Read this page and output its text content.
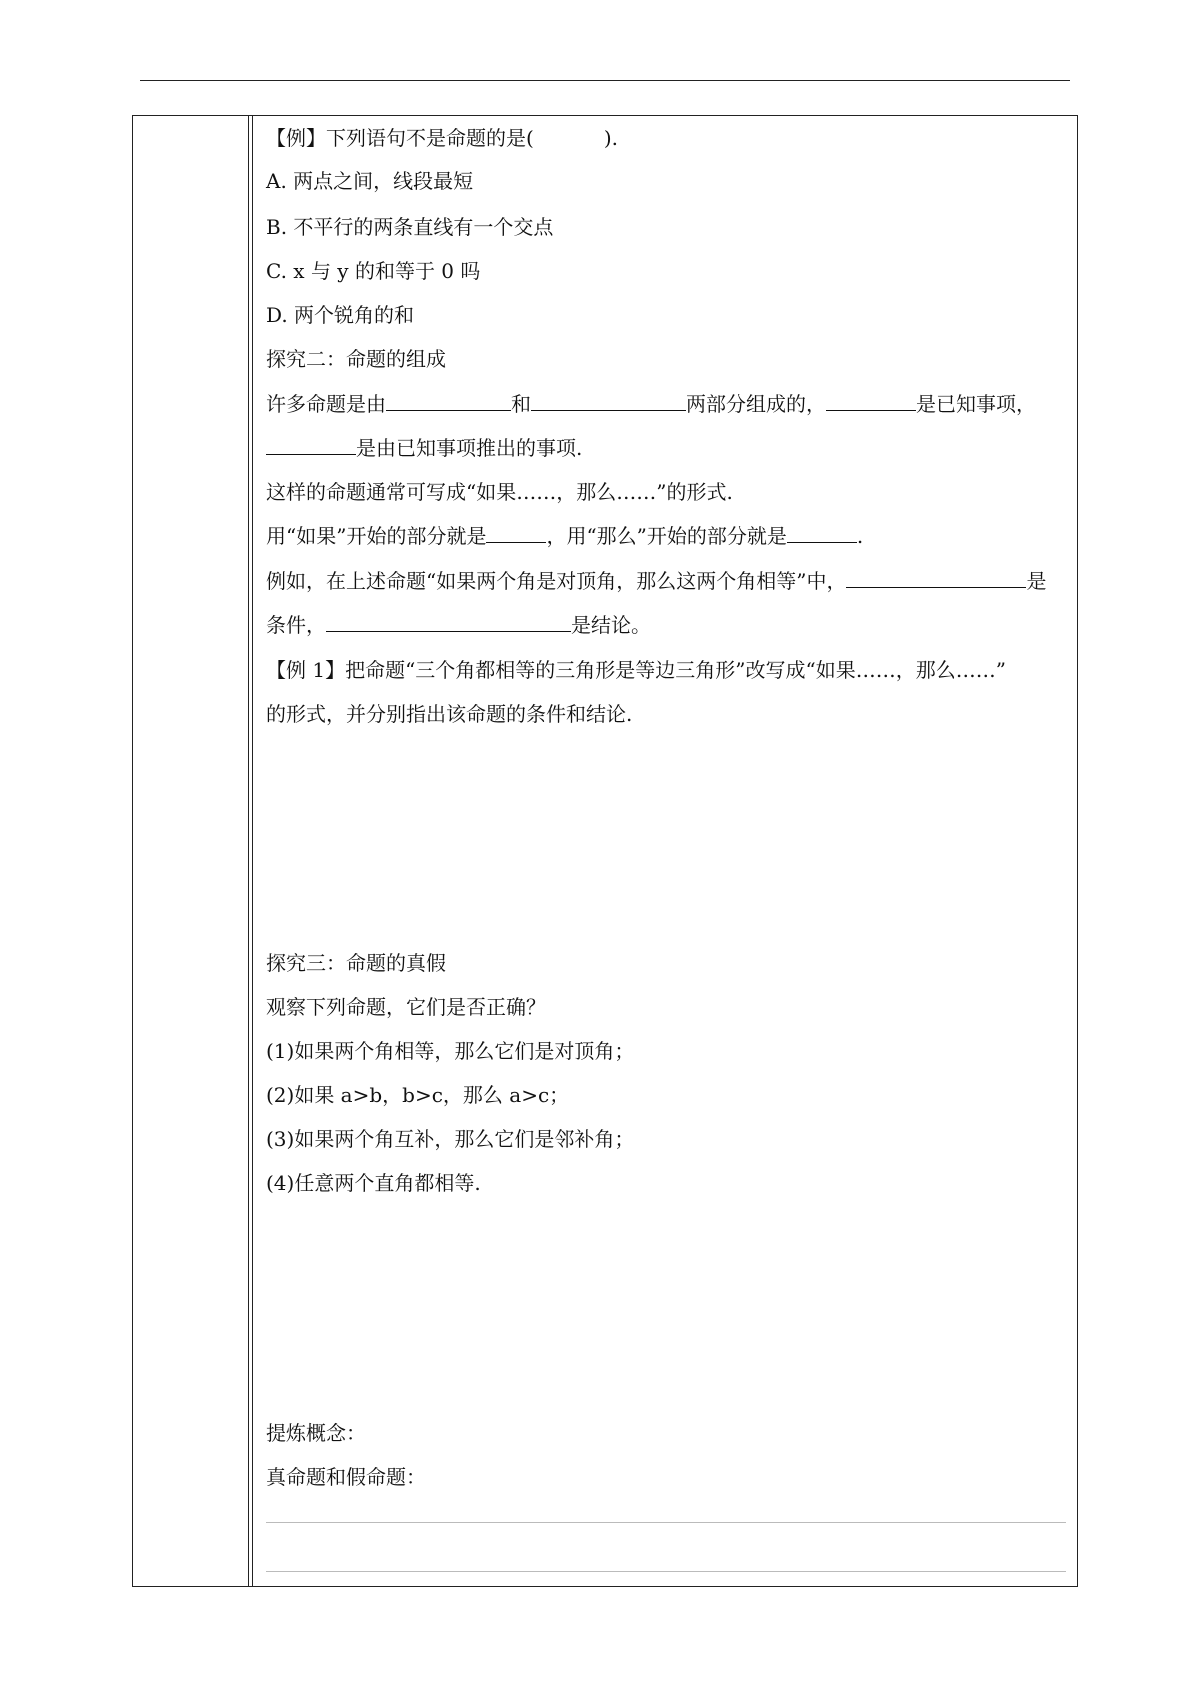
【例】下列语句不是命题的是(	).
A. 两点之间，线段最短
B. 不平行的两条直线有一个交点
C. x 与 y 的和等于 0 吗
D. 两个锐角的和
探究二：命题的组成
许多命题是由	和	两部分组成的，	是已知事项，
是由已知事项推出的事项.
这样的命题通常可写成“如果……，那么……”的形式.
用“如果”开始的部分就是	，用“那么”开始的部分就是	.
例如，在上述命题“如果两个角是对顶角，那么这两个角相等”中，	是
条件，	是结论。
【例 1】把命题“三个角都相等的三角形是等边三角形”改写成“如果……，那么……”
的形式，并分别指出该命题的条件和结论.
探究三：命题的真假
观察下列命题，它们是否正确？
(1)如果两个角相等，那么它们是对顶角；
(2)如果 a>b，b>c，那么 a>c；
(3)如果两个角互补，那么它们是邻补角；
(4)任意两个直角都相等.
提炼概念：
真命题和假命题：
